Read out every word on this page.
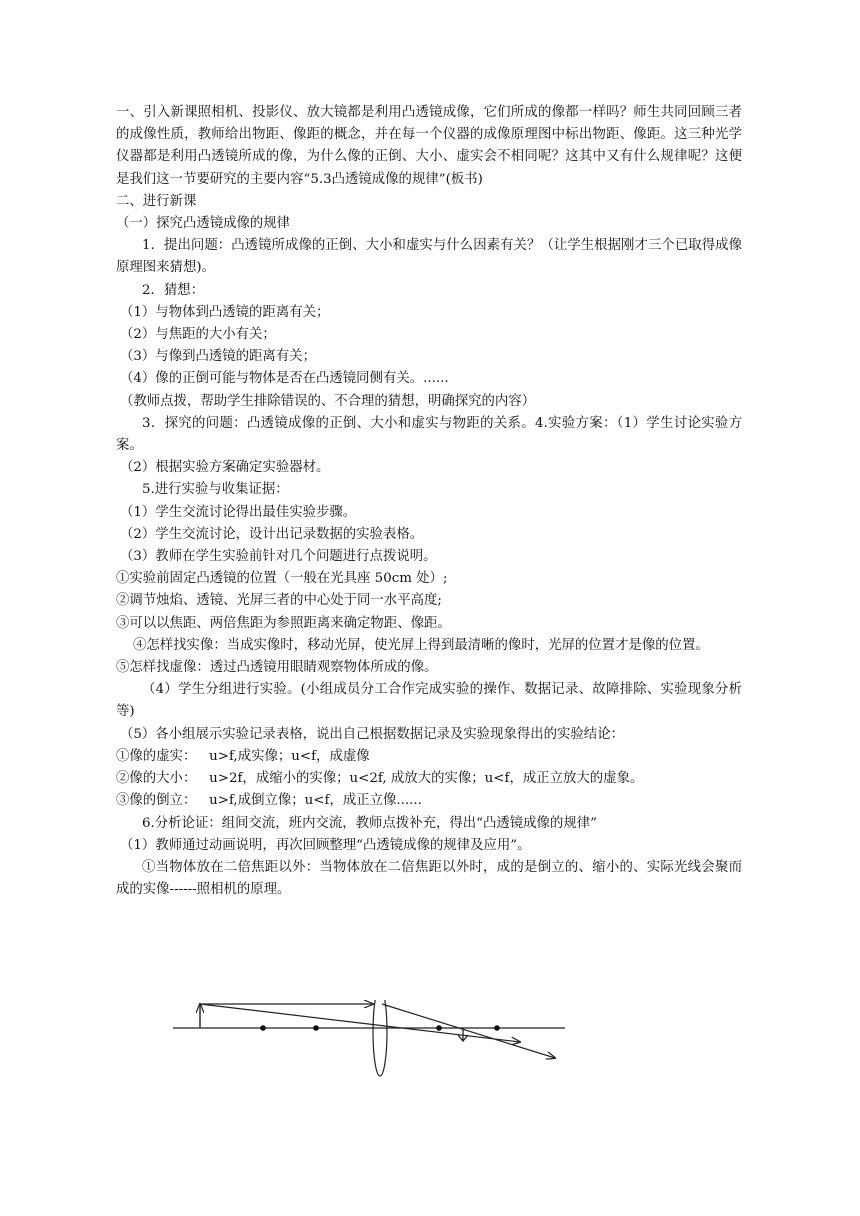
一、引入新课照相机、投影仪、放大镜都是利用凸透镜成像，它们所成的像都一样吗？师生共同回顾三者的成像性质，教师给出物距、像距的概念，并在每一个仪器的成像原理图中标出物距、像距。这三种光学仪器都是利用凸透镜所成的像，为什么像的正倒、大小、虚实会不相同呢？这其中又有什么规律呢？这便是我们这一节要研究的主要内容“5.3凸透镜成像的规律”(板书)

二、进行新课

（一）探究凸透镜成像的规律

1．提出问题：凸透镜所成像的正倒、大小和虚实与什么因素有关？（让学生根据刚才三个已取得成像原理图来猜想)。

2．猜想：

（1）与物体到凸透镜的距离有关；

（2）与焦距的大小有关；

（3）与像到凸透镜的距离有关；

（4）像的正倒可能与物体是否在凸透镜同侧有关。......

（教师点拨，帮助学生排除错误的、不合理的猜想，明确探究的内容）

3．探究的问题：凸透镜成像的正倒、大小和虚实与物距的关系。4.实验方案：（1）学生讨论实验方案。

（2）根据实验方案确定实验器材。

5.进行实验与收集证据：

（1）学生交流讨论得出最佳实验步骤。

（2）学生交流讨论，设计出记录数据的实验表格。

（3）教师在学生实验前针对几个问题进行点拨说明。

①实验前固定凸透镜的位置（一般在光具座 50cm 处）;

②调节烛焰、透镜、光屏三者的中心处于同一水平高度;

③可以以焦距、两倍焦距为参照距离来确定物距、像距。

④怎样找实像：当成实像时，移动光屏，使光屏上得到最清晰的像时，光屏的位置才是像的位置。

⑤怎样找虚像：透过凸透镜用眼睛观察物体所成的像。

（4）学生分组进行实验。(小组成员分工合作完成实验的操作、数据记录、故障排除、实验现象分析等)

（5）各小组展示实验记录表格，说出自己根据数据记录及实验现象得出的实验结论：

①像的虚实：   u>f,成实像；u<f，成虚像

②像的大小：   u>2f，成缩小的实像；u<2f, 成放大的实像；u<f，成正立放大的虚象。

③像的倒立：   u>f,成倒立像；u<f，成正立像......

6.分析论证：组间交流，班内交流，教师点拨补充，得出“凸透镜成像的规律”

（1）教师通过动画说明，再次回顾整理“凸透镜成像的规律及应用”。

①当物体放在二倍焦距以外：当物体放在二倍焦距以外时，成的是倒立的、缩小的、实际光线会聚而成的实像------照相机的原理。
